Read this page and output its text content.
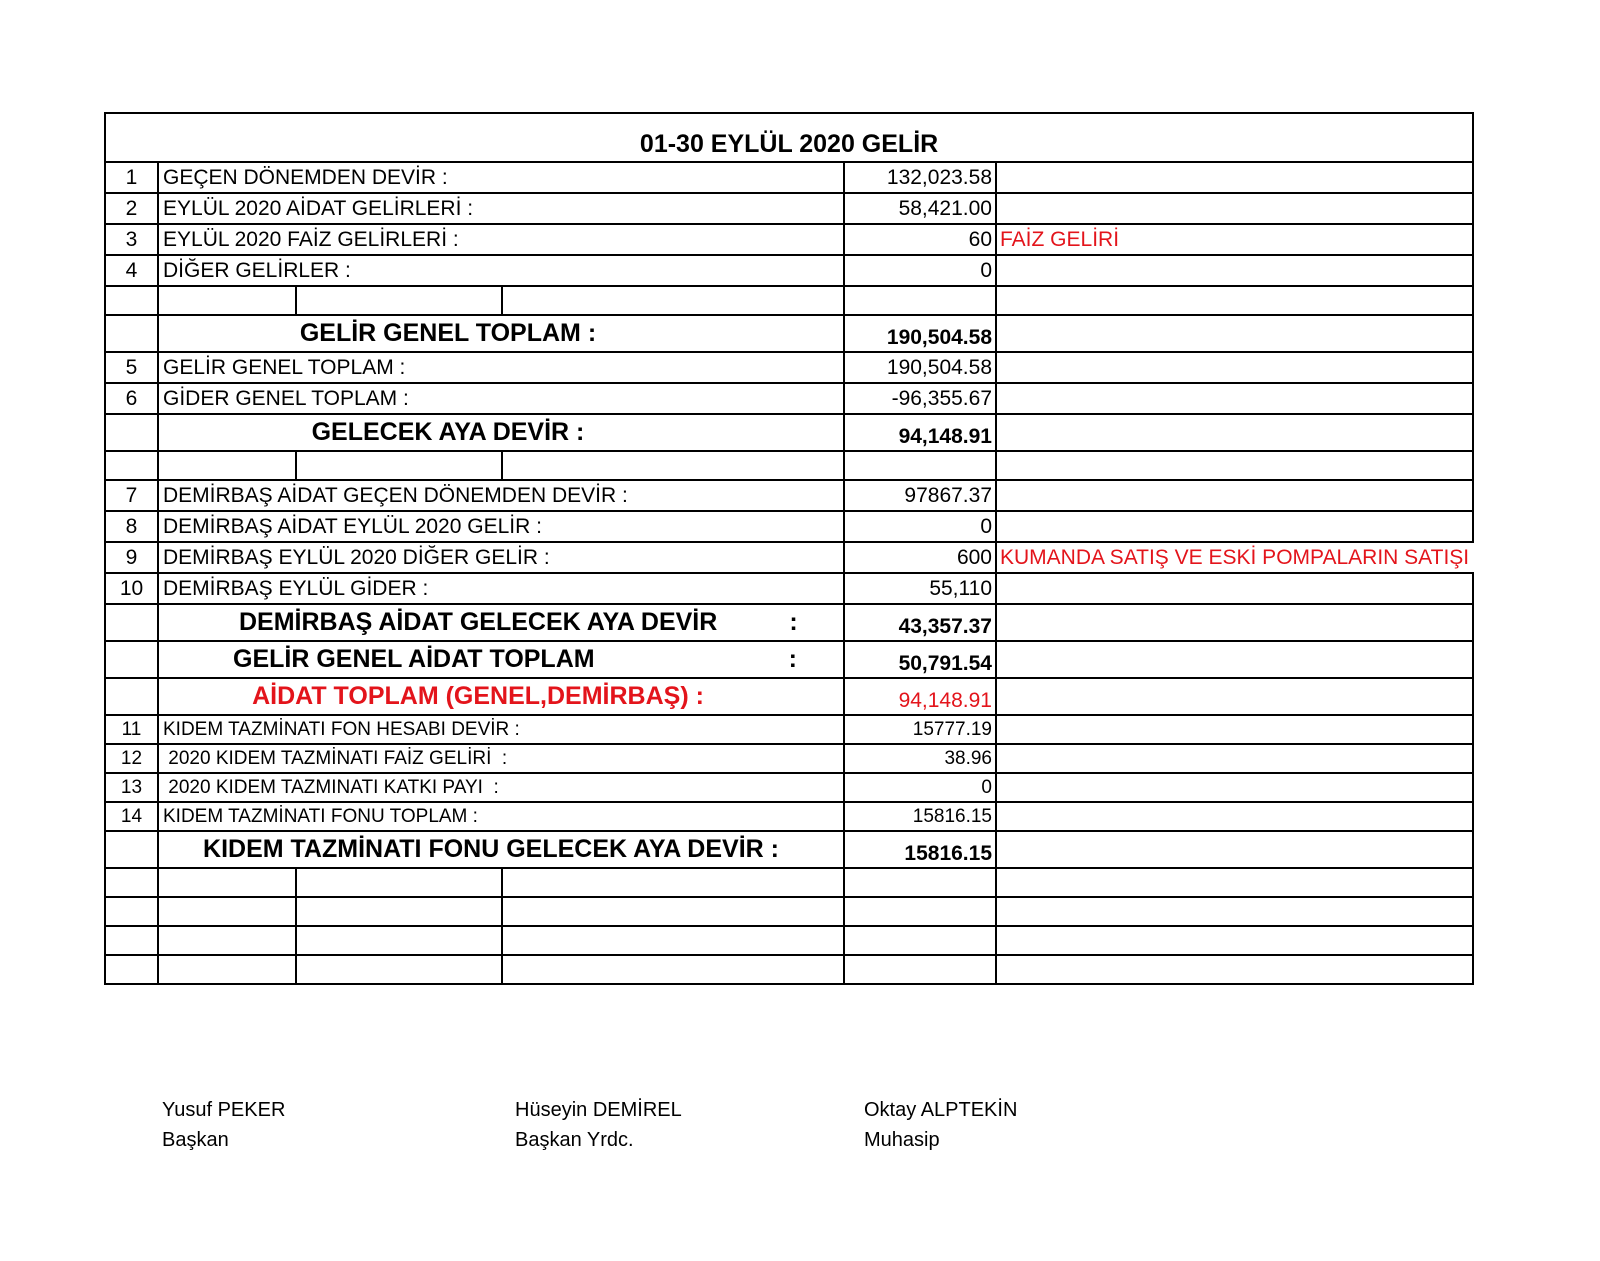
01-30 EYLÜL 2020 GELİR					
1	GEÇEN DÖNEMDEN DEVİR :			132,023.58	
2	EYLÜL 2020 AİDAT GELİRLERİ :			58,421.00	
3	EYLÜL 2020 FAİZ GELİRLERİ :			60	FAİZ GELİRİ
4	DİĞER GELİRLER :			0	

	GELİR GENEL TOPLAM :			190,504.58	
5	GELİR GENEL TOPLAM :			190,504.58	
6	GİDER GENEL TOPLAM :			-96,355.67	
	GELECEK AYA DEVİR :			94,148.91	

7	DEMİRBAŞ AİDAT GEÇEN DÖNEMDEN DEVİR :			97867.37	
8	DEMİRBAŞ AİDAT EYLÜL 2020 GELİR :			0	
9	DEMİRBAŞ EYLÜL 2020 DİĞER GELİR :			600	KUMANDA SATIŞ VE ESKİ POMPALARIN SATIŞI
10	DEMİRBAŞ EYLÜL GİDER :			55,110	
	DEMİRBAŞ AİDAT GELECEK AYA DEVİR :			43,357.37	
	GELİR GENEL AİDAT TOPLAM :			50,791.54	
	AİDAT TOPLAM (GENEL,DEMİRBAŞ) :			94,148.91	
11	KIDEM TAZMİNATI FON HESABI DEVİR :			15777.19	
12	2020 KIDEM TAZMİNATI FAİZ GELİRİ  :			38.96	
13	2020 KIDEM TAZMINATI KATKI PAYI  :			0	
14	KIDEM TAZMİNATI FONU TOPLAM :			15816.15	
	KIDEM TAZMİNATI FONU GELECEK AYA DEVİR :			15816.15	

Yusuf PEKER
Başkan
Hüseyin DEMİREL
Başkan Yrdc.
Oktay ALPTEKİN
Muhasip
